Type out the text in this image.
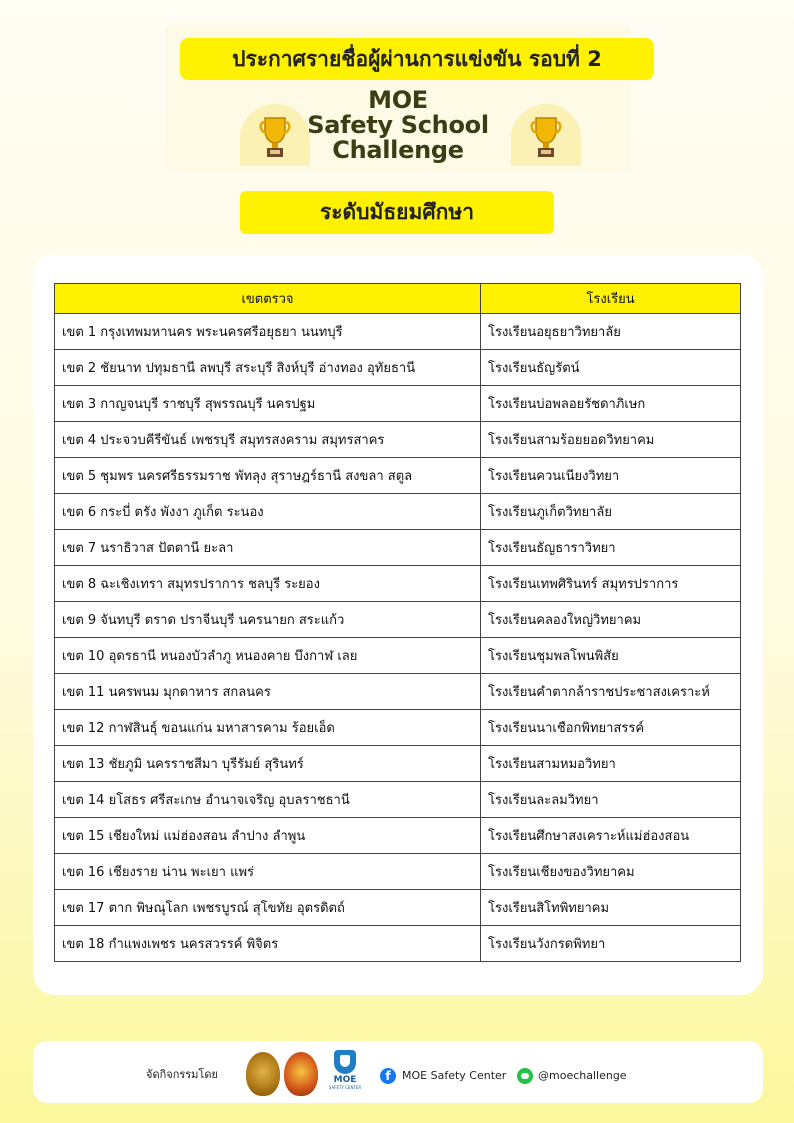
ประกาศรายชื่อผู้ผ่านการแข่งขัน รอบที่ 2
MOE
Safety School
Challenge
ระดับมัธยมศึกษา
เขตตรวจ	โรงเรียน
เขต 1 กรุงเทพมหานคร พระนครศรีอยุธยา นนทบุรี	โรงเรียนอยุธยาวิทยาลัย
เขต 2 ชัยนาท ปทุมธานี ลพบุรี สระบุรี สิงห์บุรี อ่างทอง อุทัยธานี	โรงเรียนธัญรัตน์
เขต 3 กาญจนบุรี ราชบุรี สุพรรณบุรี นครปฐม	โรงเรียนบ่อพลอยรัชดาภิเษก
เขต 4 ประจวบคีรีขันธ์ เพชรบุรี สมุทรสงคราม สมุทรสาคร	โรงเรียนสามร้อยยอดวิทยาคม
เขต 5 ชุมพร นครศรีธรรมราช พัทลุง สุราษฎร์ธานี สงขลา สตูล	โรงเรียนควนเนียงวิทยา
เขต 6 กระบี่ ตรัง พังงา ภูเก็ต ระนอง	โรงเรียนภูเก็ตวิทยาลัย
เขต 7 นราธิวาส ปัตตานี ยะลา	โรงเรียนธัญธาราวิทยา
เขต 8 ฉะเชิงเทรา สมุทรปราการ ชลบุรี ระยอง	โรงเรียนเทพศิรินทร์ สมุทรปราการ
เขต 9 จันทบุรี ตราด ปราจีนบุรี นครนายก สระแก้ว	โรงเรียนคลองใหญ่วิทยาคม
เขต 10 อุดรธานี หนองบัวลำภู หนองคาย บึงกาฬ เลย	โรงเรียนชุมพลโพนพิสัย
เขต 11 นครพนม มุกดาหาร สกลนคร	โรงเรียนคำตากล้าราชประชาสงเคราะห์
เขต 12 กาฬสินธุ์ ขอนแก่น มหาสารคาม ร้อยเอ็ด	โรงเรียนนาเชือกพิทยาสรรค์
เขต 13 ชัยภูมิ นครราชสีมา บุรีรัมย์ สุรินทร์	โรงเรียนสามหมอวิทยา
เขต 14 ยโสธร ศรีสะเกษ อำนาจเจริญ อุบลราชธานี	โรงเรียนละลมวิทยา
เขต 15 เชียงใหม่ แม่ฮ่องสอน ลำปาง ลำพูน	โรงเรียนศึกษาสงเคราะห์แม่ฮ่องสอน
เขต 16 เชียงราย น่าน พะเยา แพร่	โรงเรียนเชียงของวิทยาคม
เขต 17 ตาก พิษณุโลก เพชรบูรณ์ สุโขทัย อุตรดิตถ์	โรงเรียนสิโทพิทยาคม
เขต 18 กำแพงเพชร นครสวรรค์ พิจิตร	โรงเรียนวังกรดพิทยา
จัดกิจกรรมโดย	MOE
SAFETY CENTER
f	MOE Safety Center	@moechallenge
